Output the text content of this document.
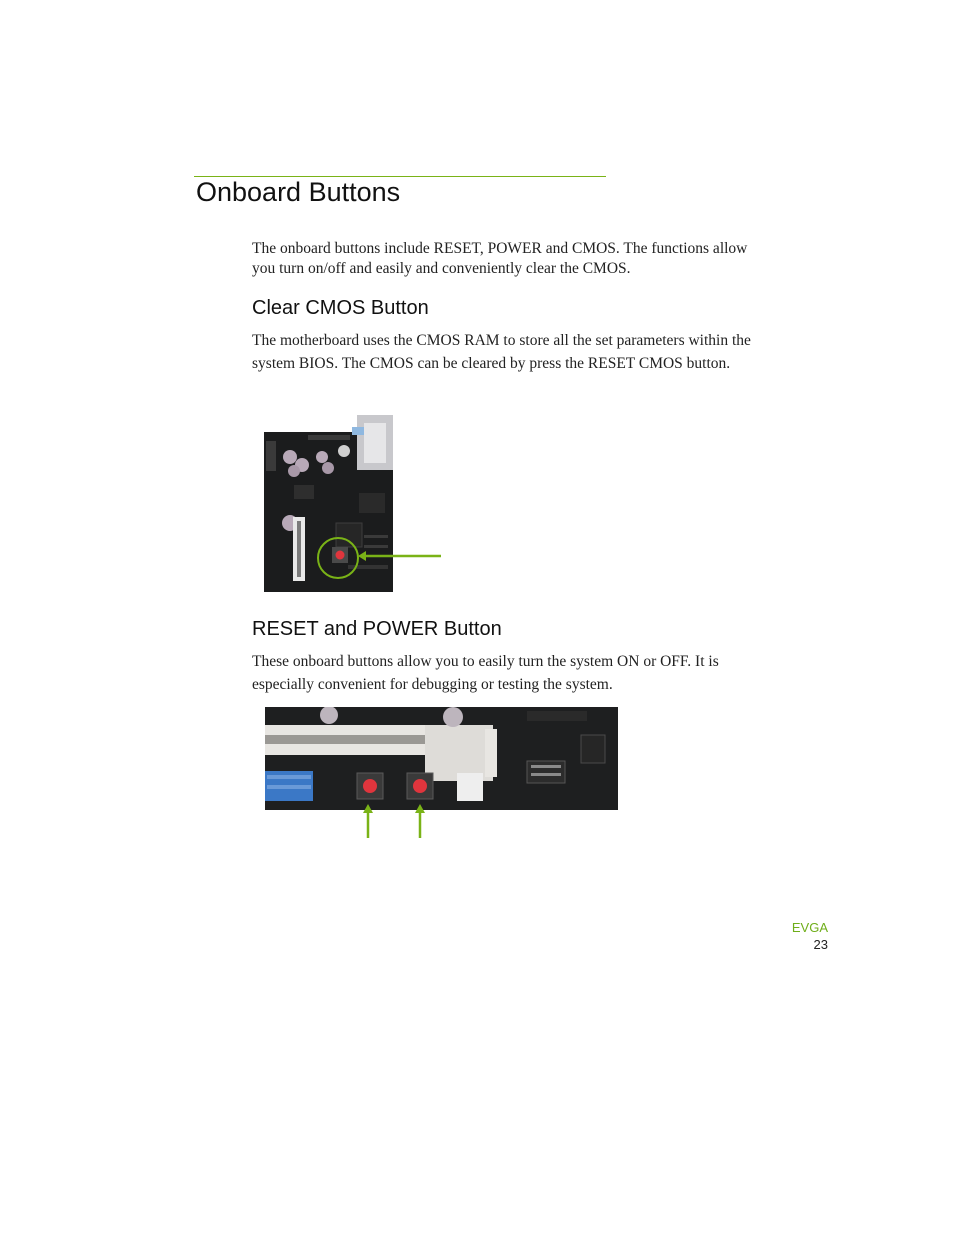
Onboard Buttons

The onboard buttons include RESET, POWER and CMOS. The functions allow you turn on/off and easily and conveniently clear the CMOS.

Clear CMOS Button

The motherboard uses the CMOS RAM to store all the set parameters within the system BIOS. The CMOS can be cleared by press the RESET CMOS button.

RESET and POWER Button

These onboard buttons allow you to easily turn the system ON or OFF. It is especially convenient for debugging or testing the system.

EVGA
23
